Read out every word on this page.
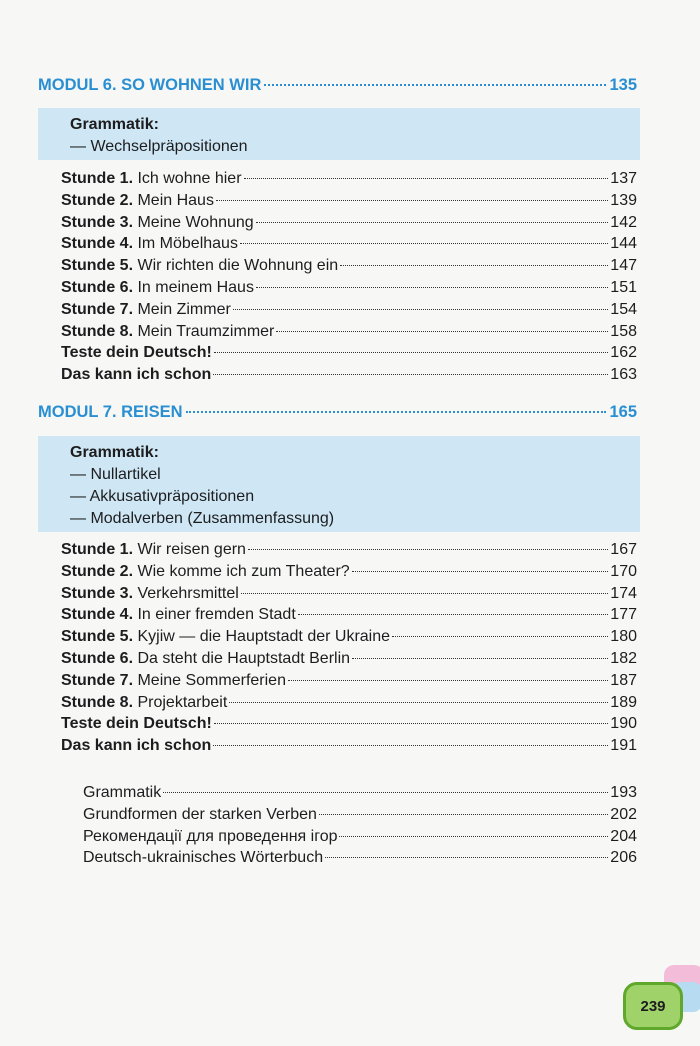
MODUL 6. SO WOHNEN WIR	135
Grammatik:
— Wechselpräpositionen
Stunde 1. Ich wohne hier	137
Stunde 2. Mein Haus	139
Stunde 3. Meine Wohnung	142
Stunde 4. Im Möbelhaus	144
Stunde 5. Wir richten die Wohnung ein	147
Stunde 6. In meinem Haus	151
Stunde 7. Mein Zimmer	154
Stunde 8. Mein Traumzimmer	158
Teste dein Deutsch!	162
Das kann ich schon	163
MODUL 7. REISEN	165
Grammatik:
— Nullartikel
— Akkusativpräpositionen
— Modalverben (Zusammenfassung)
Stunde 1. Wir reisen gern	167
Stunde 2. Wie komme ich zum Theater?	170
Stunde 3. Verkehrsmittel	174
Stunde 4. In einer fremden Stadt	177
Stunde 5. Kyjiw — die Hauptstadt der Ukraine	180
Stunde 6. Da steht die Hauptstadt Berlin	182
Stunde 7. Meine Sommerferien	187
Stunde 8. Projektarbeit	189
Teste dein Deutsch!	190
Das kann ich schon	191
Grammatik	193
Grundformen der starken Verben	202
Рекомендації для проведення ігор	204
Deutsch-ukrainisches Wörterbuch	206
239
